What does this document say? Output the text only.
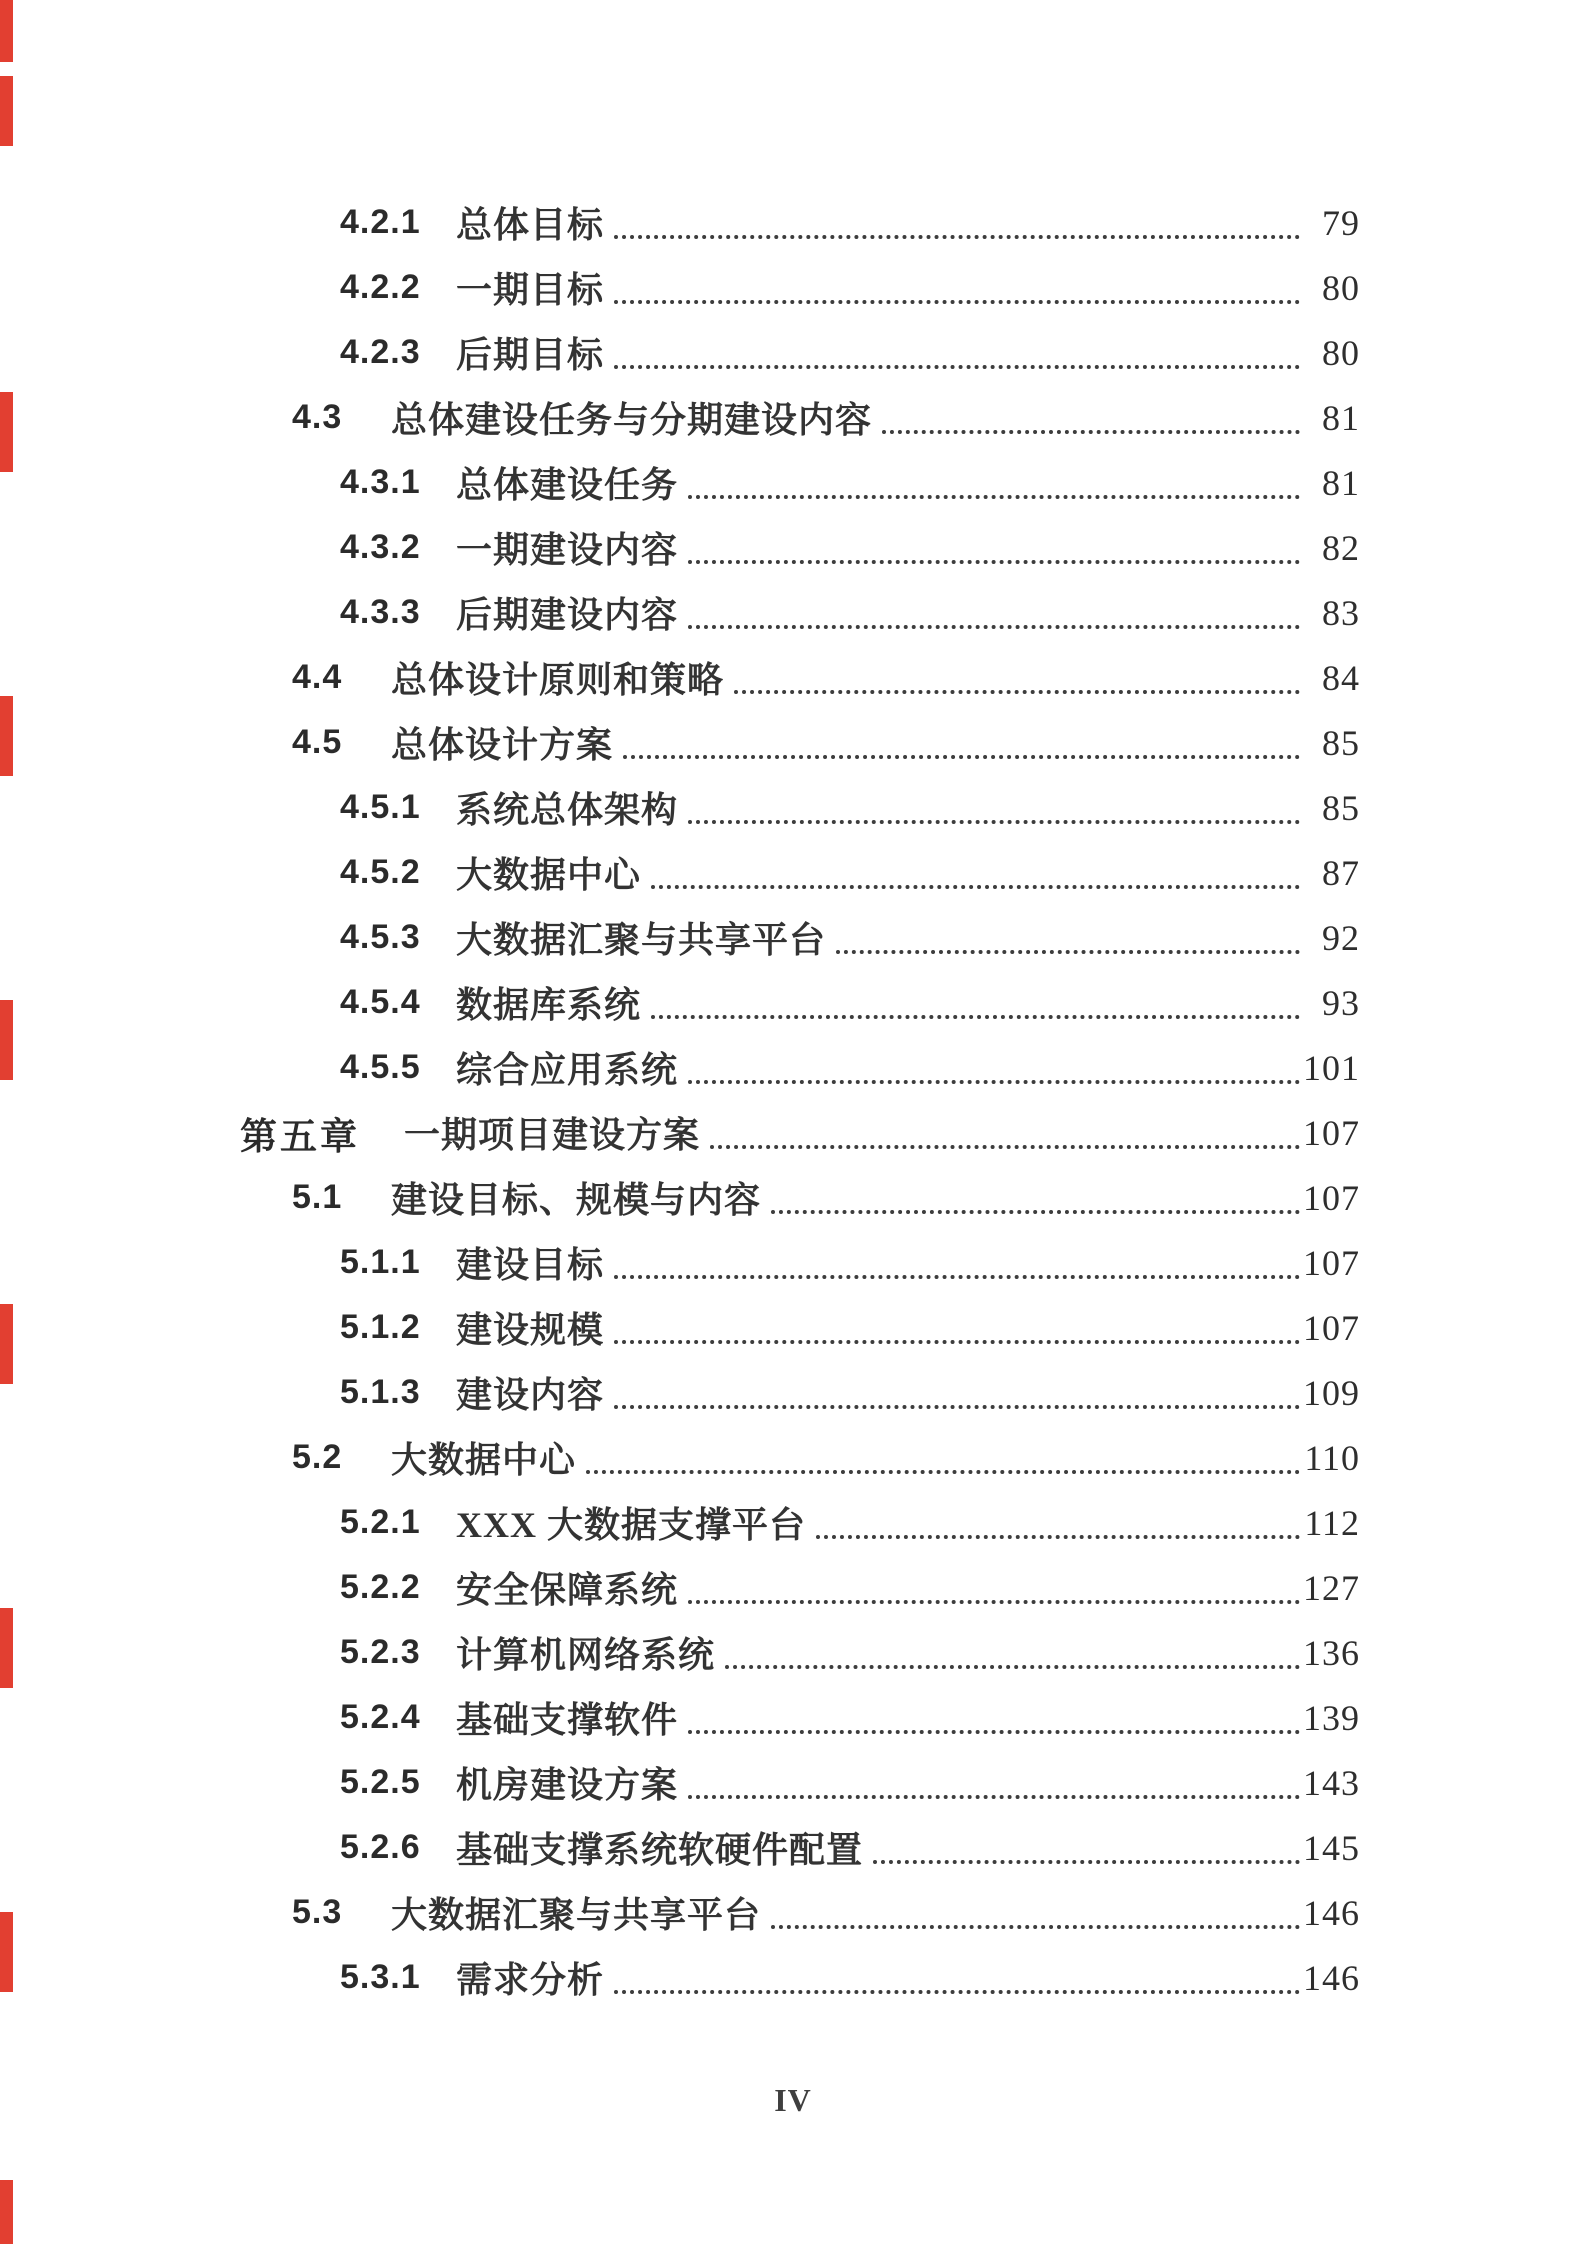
4.2.1 总体目标	79
4.2.2 一期目标	80
4.2.3 后期目标	80
4.3	总体建设任务与分期建设内容	81
4.3.1 总体建设任务	81
4.3.2 一期建设内容	82
4.3.3 后期建设内容	83
4.4	总体设计原则和策略	84
4.5	总体设计方案	85
4.5.1 系统总体架构	85
4.5.2 大数据中心	87
4.5.3 大数据汇聚与共享平台	92
4.5.4 数据库系统	93
4.5.5 综合应用系统	101
第五章	一期项目建设方案	107
5.1	建设目标、规模与内容	107
5.1.1 建设目标	107
5.1.2 建设规模	107
5.1.3 建设内容	109
5.2	大数据中心	110
5.2.1 XXX 大数据支撑平台	112
5.2.2 安全保障系统	127
5.2.3 计算机网络系统	136
5.2.4 基础支撑软件	139
5.2.5 机房建设方案	143
5.2.6 基础支撑系统软硬件配置	145
5.3	大数据汇聚与共享平台	146
5.3.1 需求分析	146
IV
